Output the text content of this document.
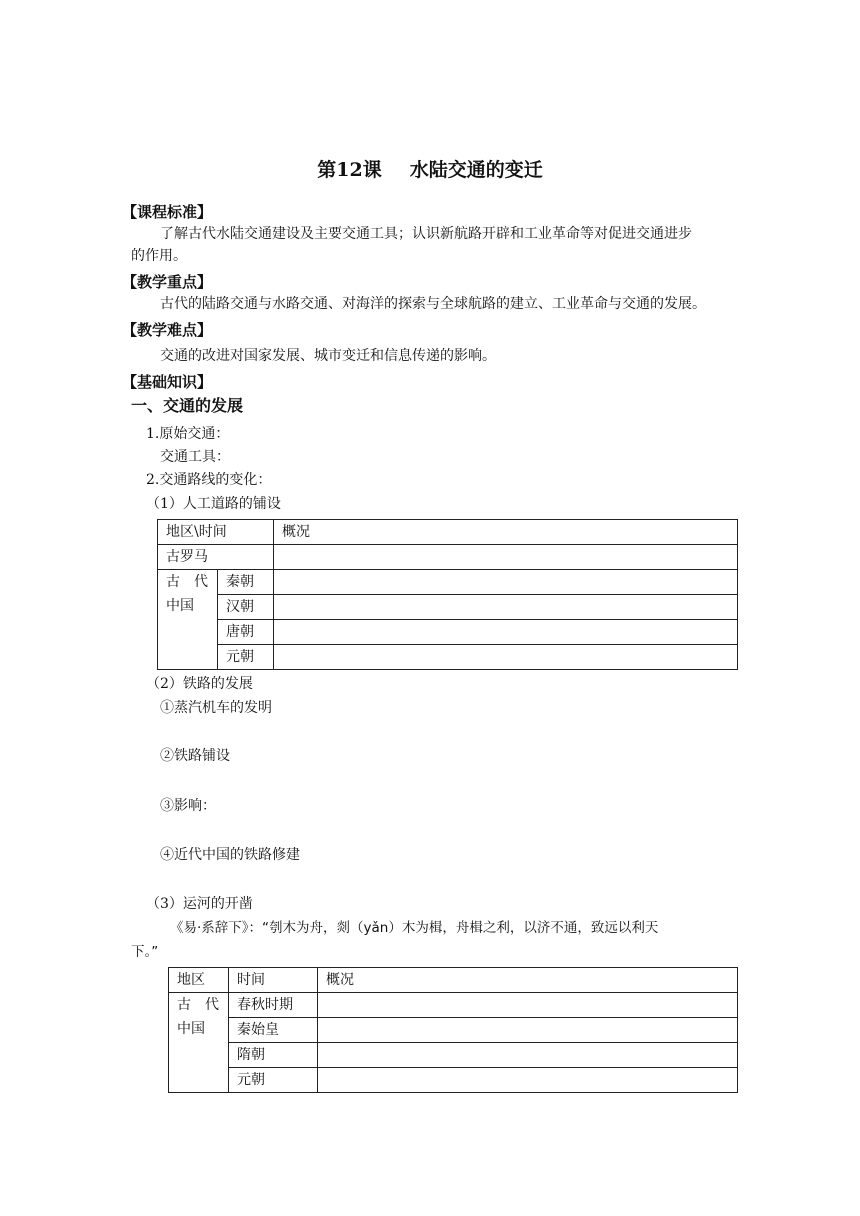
第12课 水陆交通的变迁
【课程标准】
了解古代水陆交通建设及主要交通工具；认识新航路开辟和工业革命等对促进交通进步
的作用。
【教学重点】
古代的陆路交通与水路交通、对海洋的探索与全球航路的建立、工业革命与交通的发展。
【教学难点】
交通的改进对国家发展、城市变迁和信息传递的影响。
【基础知识】
一、交通的发展
1.原始交通：
交通工具：
2.交通路线的变化：
（1）人工道路的铺设
地区\时间		概况
古罗马		
古　代 中国	秦朝	
	汉朝	
	唐朝	
	元朝	
（2）铁路的发展
①蒸汽机车的发明
②铁路铺设
③影响：
④近代中国的铁路修建
（3）运河的开凿
《易·系辞下》：“刳木为舟，剡（yǎn）木为楫，舟楫之利，以济不通，致远以利天
下。”
地区	时间	概况
古　代 中国	春秋时期	
	秦始皇	
	隋朝	
	元朝	
